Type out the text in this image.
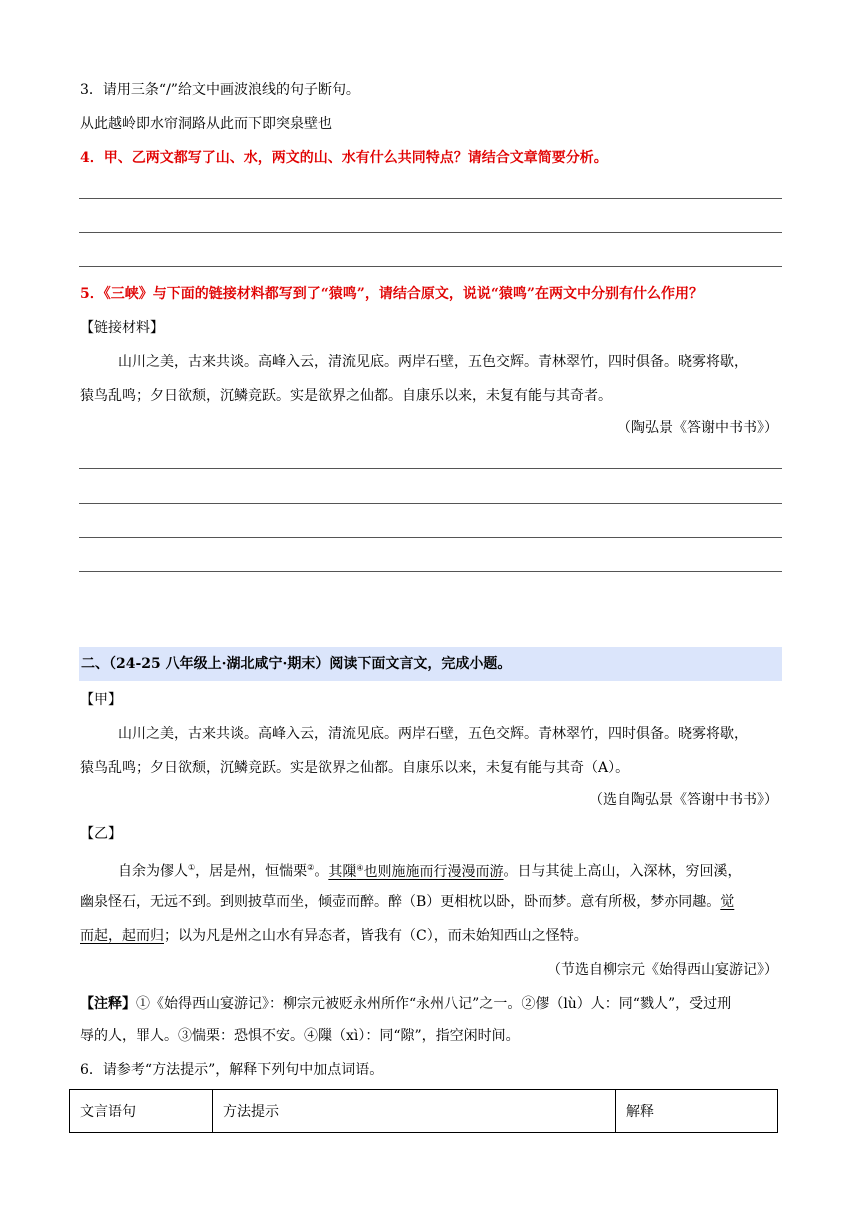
3．请用三条“/”给文中画波浪线的句子断句。
从此越岭即水帘洞路从此而下即突泉壁也
4．甲、乙两文都写了山、水，两文的山、水有什么共同特点？请结合文章简要分析。
5．《三峡》与下面的链接材料都写到了“猿鸣”，请结合原文，说说“猿鸣”在两文中分别有什么作用？
【链接材料】
山川之美，古来共谈。高峰入云，清流见底。两岸石壁，五色交辉。青林翠竹，四时俱备。晓雾将歇，
猿鸟乱鸣；夕日欲颓，沉鳞竞跃。实是欲界之仙都。自康乐以来，未复有能与其奇者。
（陶弘景《答谢中书书》）
二、（24-25 八年级上·湖北咸宁·期末）阅读下面文言文，完成小题。
【甲】
山川之美，古来共谈。高峰入云，清流见底。两岸石壁，五色交辉。青林翠竹，四时俱备。晓雾将歇，
猿鸟乱鸣；夕日欲颓，沉鳞竞跃。实是欲界之仙都。自康乐以来，未复有能与其奇（A）。
（选自陶弘景《答谢中书书》）
【乙】
自余为僇人①，居是州，恒惴栗②。其隟④也则施施而行漫漫而游。日与其徒上高山，入深林，穷回溪，
幽泉怪石，无远不到。到则披草而坐，倾壶而醉。醉（B）更相枕以卧，卧而梦。意有所极，梦亦同趣。觉
而起，起而归；以为凡是州之山水有异态者，皆我有（C），而未始知西山之怪特。
（节选自柳宗元《始得西山宴游记》）
【注释】①《始得西山宴游记》：柳宗元被贬永州所作“永州八记”之一。②僇（lù）人：同“戮人”，受过刑
辱的人，罪人。③惴栗：恐惧不安。④隟（xì）：同“隙”，指空闲时间。
6．请参考“方法提示”，解释下列句中加点词语。
文言语句	方法提示	解释
